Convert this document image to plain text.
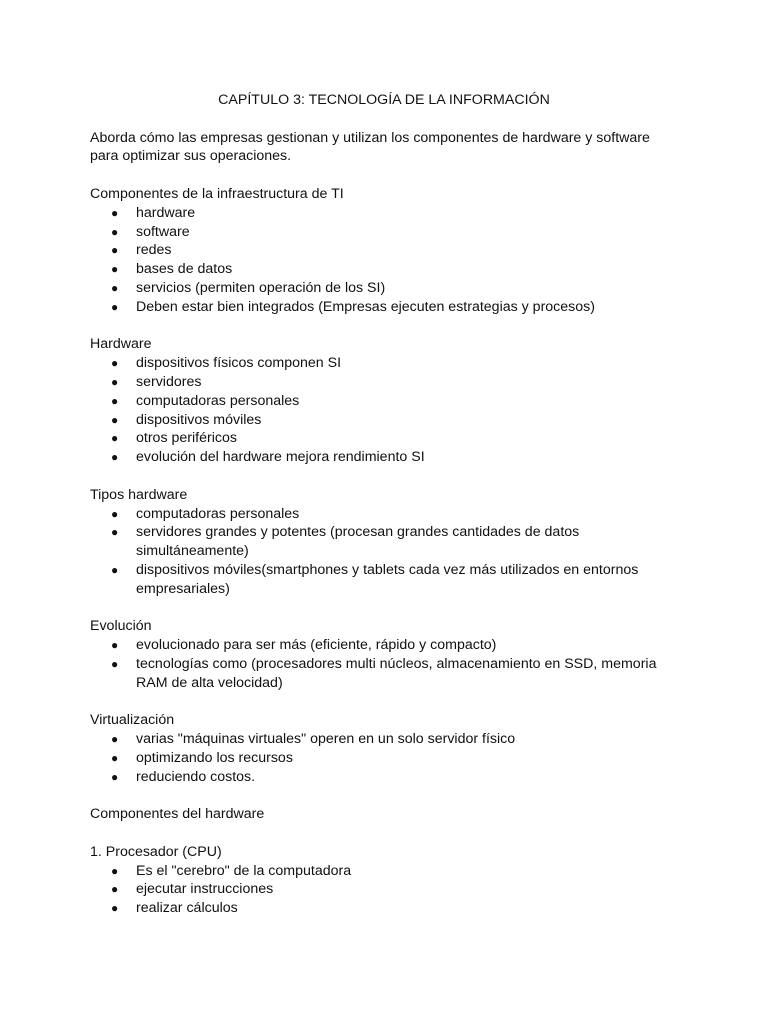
CAPÍTULO 3: TECNOLOGÍA DE LA INFORMACIÓN

Aborda cómo las empresas gestionan y utilizan los componentes de hardware y software para optimizar sus operaciones.

Componentes de la infraestructura de TI

● hardware
● software
● redes
● bases de datos
● servicios (permiten operación de los SI)
● Deben estar bien integrados (Empresas ejecuten estrategias y procesos)

Hardware

● dispositivos físicos componen SI
● servidores
● computadoras personales
● dispositivos móviles
● otros periféricos
● evolución del hardware mejora rendimiento SI

Tipos hardware

● computadoras personales
● servidores grandes y potentes (procesan grandes cantidades de datos simultáneamente)
● dispositivos móviles(smartphones y tablets cada vez más utilizados en entornos empresariales)

Evolución

● evolucionado para ser más (eficiente, rápido y compacto)
● tecnologías como (procesadores multi núcleos, almacenamiento en SSD, memoria RAM de alta velocidad)

Virtualización

● varias "máquinas virtuales" operen en un solo servidor físico
● optimizando los recursos
● reduciendo costos.

Componentes del hardware

1. Procesador (CPU)

● Es el "cerebro" de la computadora
● ejecutar instrucciones
● realizar cálculos
